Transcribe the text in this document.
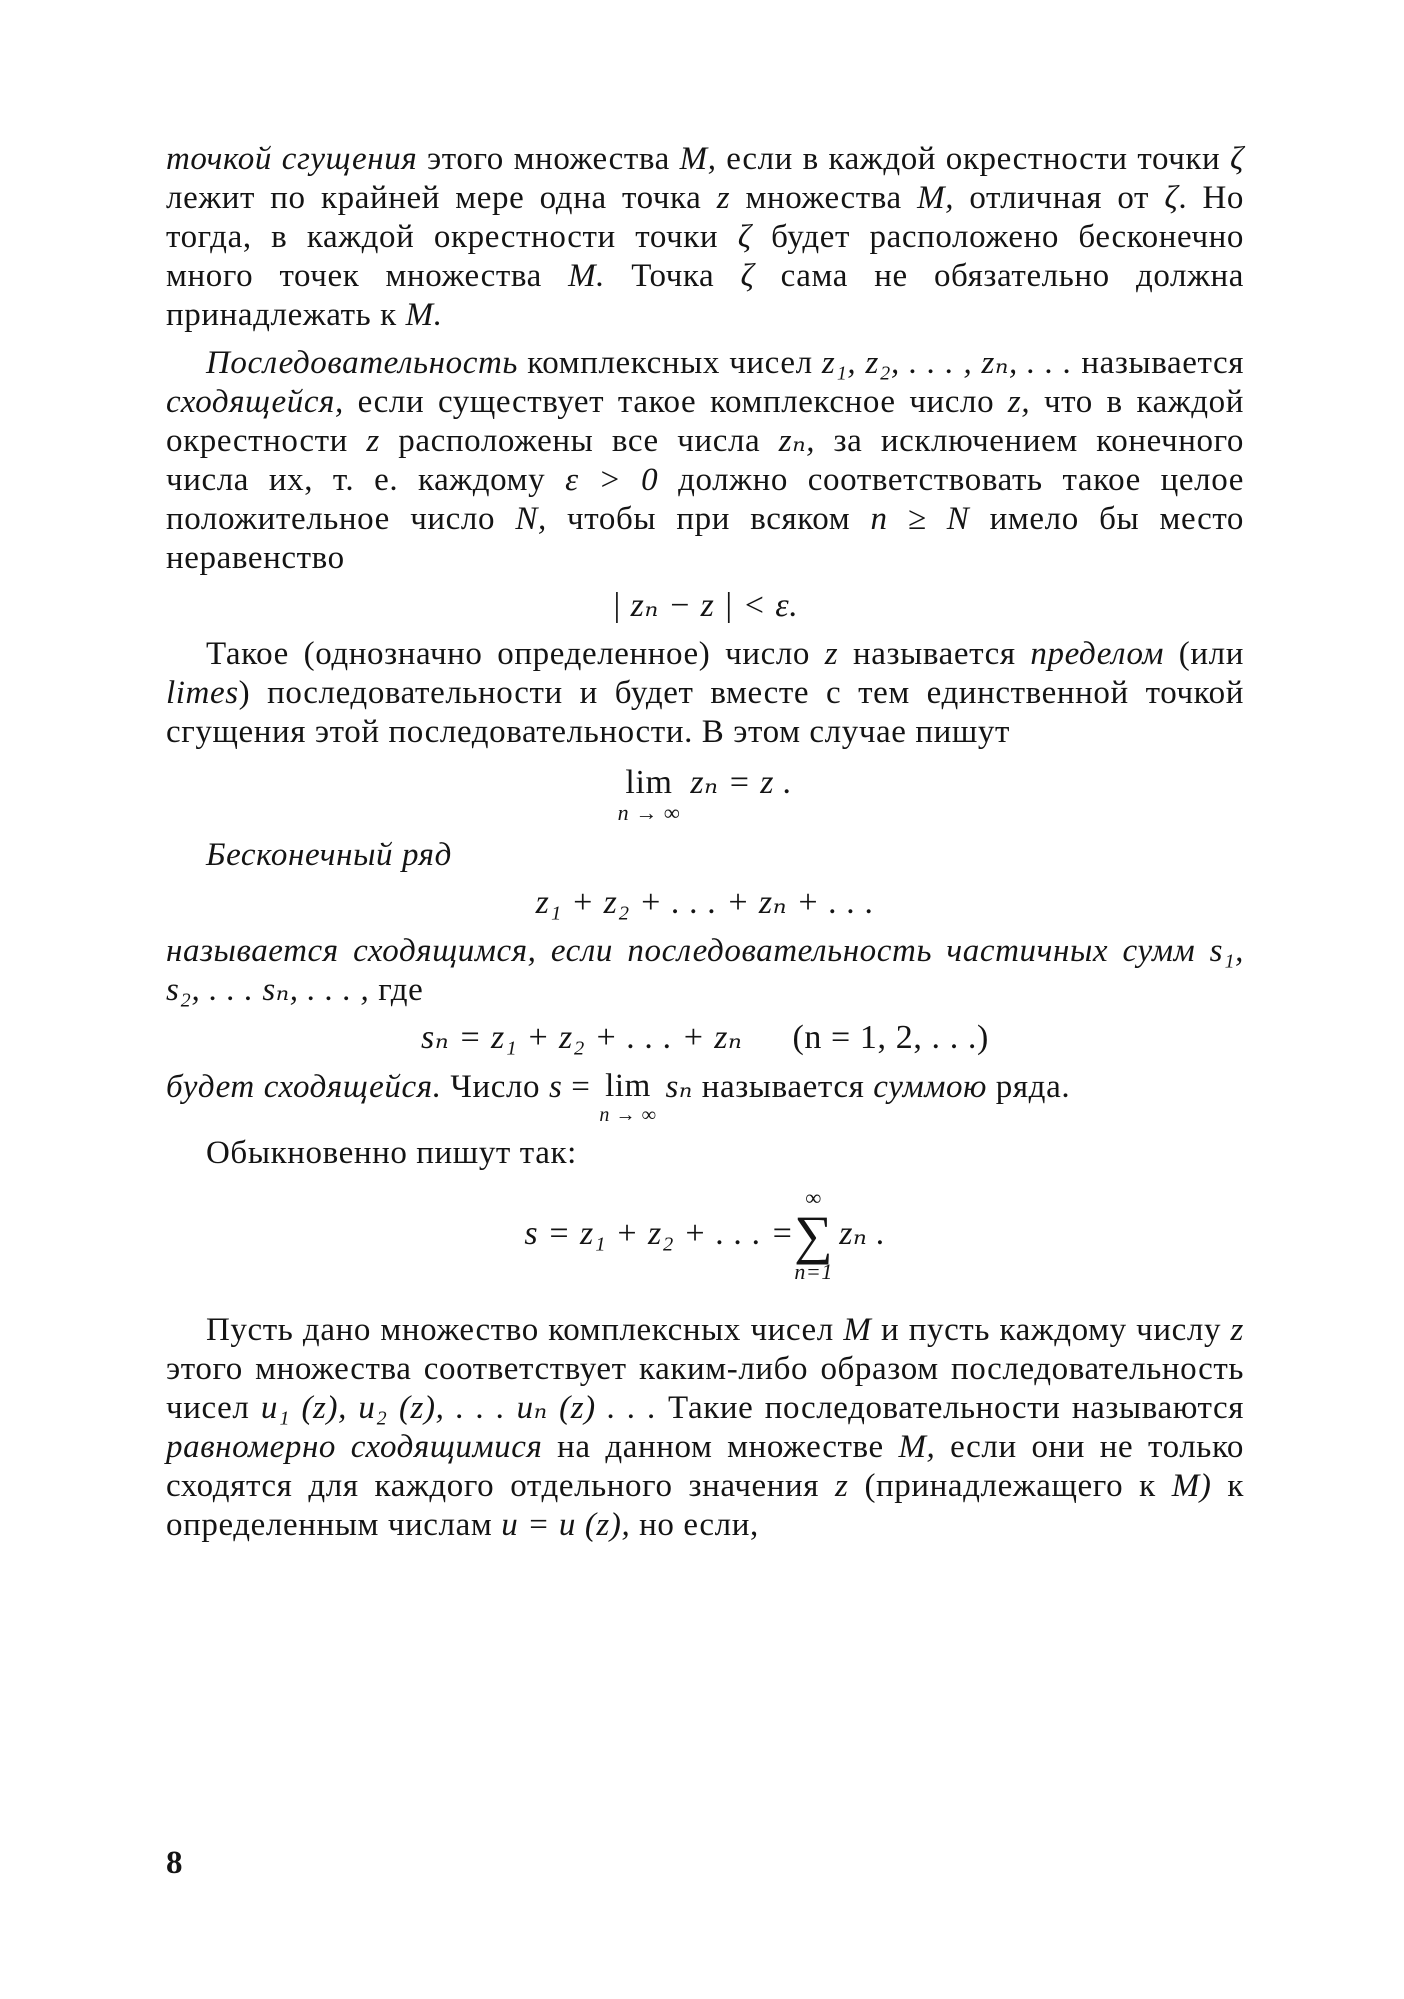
точкой сгущения этого множества M, если в каждой окрестности точки ζ лежит по крайней мере одна точка z множества M, отличная от ζ. Но тогда, в каждой окрестности точки ζ будет расположено бесконечно много точек множества M. Точка ζ сама не обязательно должна принадлежать к M.

Последовательность комплексных чисел z₁, z₂, . . . , zₙ, . . . называется сходящейся, если существует такое комплексное число z, что в каждой окрестности z расположены все числа zₙ, за исключением конечного числа их, т. е. каждому ε > 0 должно соответствовать такое целое положительное число N, чтобы при всяком n ≥ N имело бы место неравенство

| zₙ − z | < ε.

Такое (однозначно определенное) число z называется пределом (или limes) последовательности и будет вместе с тем единственной точкой сгущения этой последовательности. В этом случае пишут

lim
n → ∞
zₙ = z .

Бесконечный ряд

z₁ + z₂ + . . . + zₙ + . . .

называется сходящимся, если последовательность частичных сумм s₁, s₂, . . . sₙ, . . . , где

sₙ = z₁ + z₂ + . . . + zₙ (n = 1, 2, . . .)

будет сходящейся. Число s = lim
n → ∞
sₙ называется суммою ряда.

Обыкновенно пишут так:

s = z₁ + z₂ + . . . =
∞
∑
n=1
zₙ .

Пусть дано множество комплексных чисел M и пусть каждому числу z этого множества соответствует каким-либо образом последовательность чисел u₁ (z), u₂ (z), . . . uₙ (z) . . . Такие последовательности называются равномерно сходящимися на данном множестве M, если они не только сходятся для каждого отдельного значения z (принадлежащего к M) к определенным числам u = u (z), но если,

8
